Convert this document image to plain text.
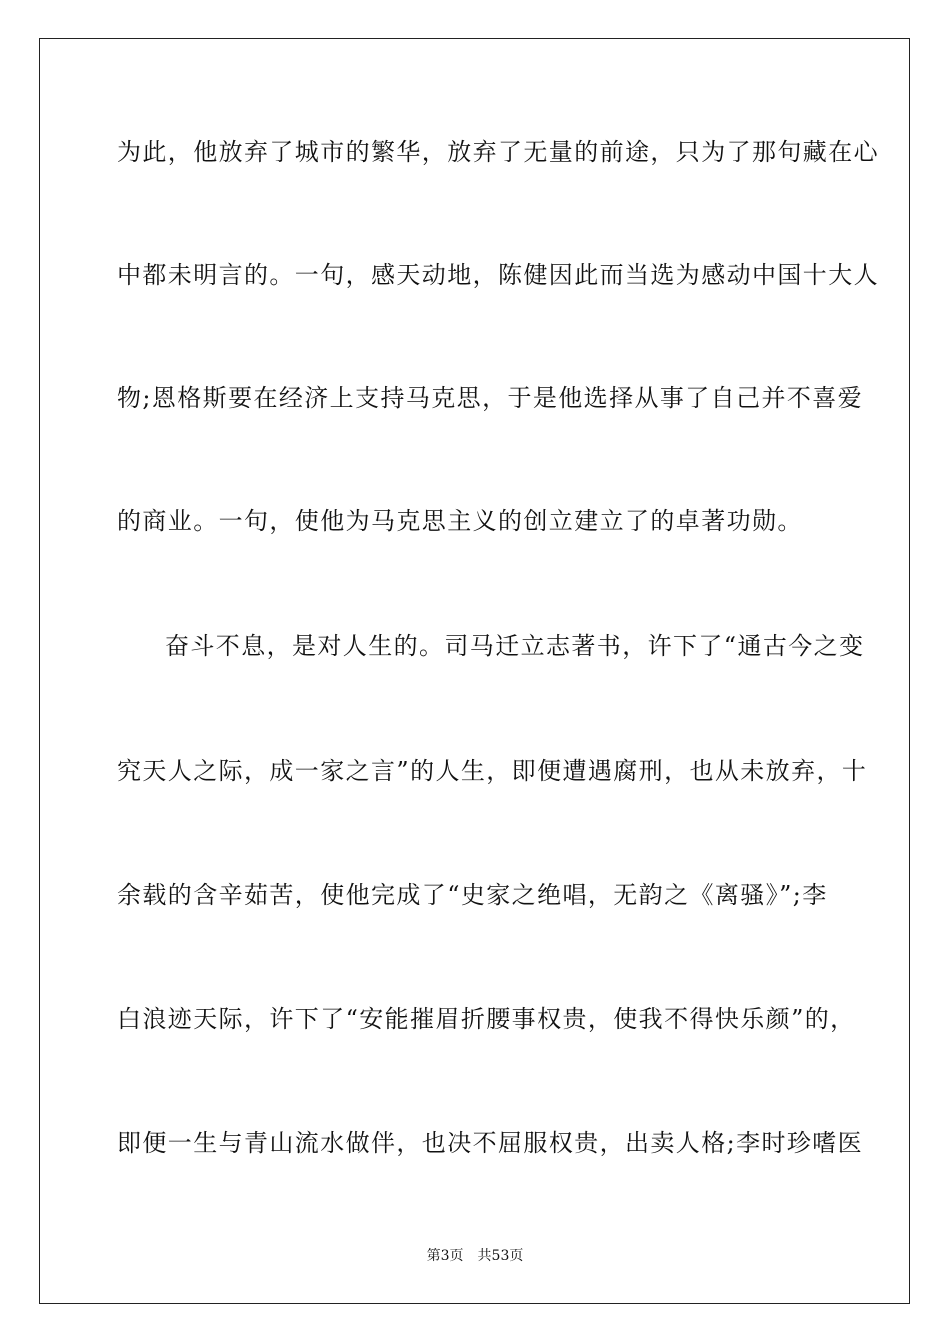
为此，他放弃了城市的繁华，放弃了无量的前途，只为了那句藏在心
中都未明言的。一句，感天动地，陈健因此而当选为感动中国十大人
物;恩格斯要在经济上支持马克思，于是他选择从事了自己并不喜爱
的商业。一句，使他为马克思主义的创立建立了的卓著功勋。
奋斗不息，是对人生的。司马迁立志著书，许下了“通古今之变
究天人之际，成一家之言”的人生，即便遭遇腐刑，也从未放弃，十
余载的含辛茹苦，使他完成了“史家之绝唱，无韵之《离骚》”;李
白浪迹天际，许下了“安能摧眉折腰事权贵，使我不得快乐颜”的，
即便一生与青山流水做伴，也决不屈服权贵，出卖人格;李时珍嗜医
第3页 共53页
